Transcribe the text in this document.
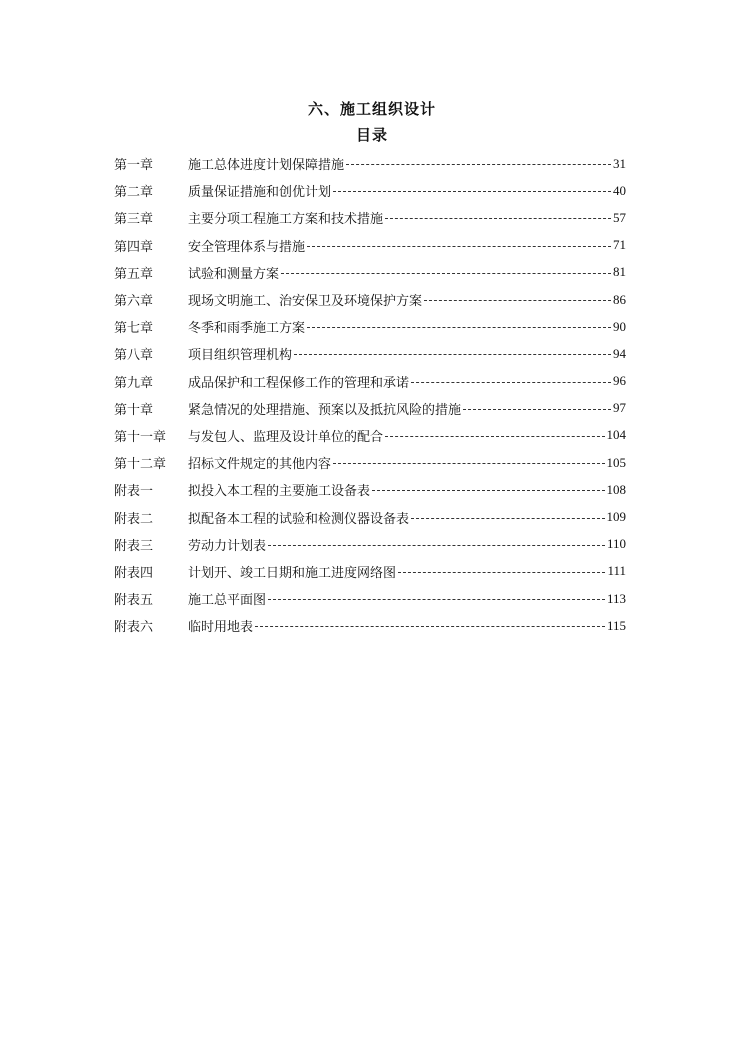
六、施工组织设计
目录
第一章	施工总体进度计划保障措施	31
第二章	质量保证措施和创优计划	40
第三章	主要分项工程施工方案和技术措施	57
第四章	安全管理体系与措施	71
第五章	试验和测量方案	81
第六章	现场文明施工、治安保卫及环境保护方案	86
第七章	冬季和雨季施工方案	90
第八章	项目组织管理机构	94
第九章	成品保护和工程保修工作的管理和承诺	96
第十章	紧急情况的处理措施、预案以及抵抗风险的措施	97
第十一章	与发包人、监理及设计单位的配合	104
第十二章	招标文件规定的其他内容	105
附表一	拟投入本工程的主要施工设备表	108
附表二	拟配备本工程的试验和检测仪器设备表	109
附表三	劳动力计划表	110
附表四	计划开、竣工日期和施工进度网络图	111
附表五	施工总平面图	113
附表六	临时用地表	115
